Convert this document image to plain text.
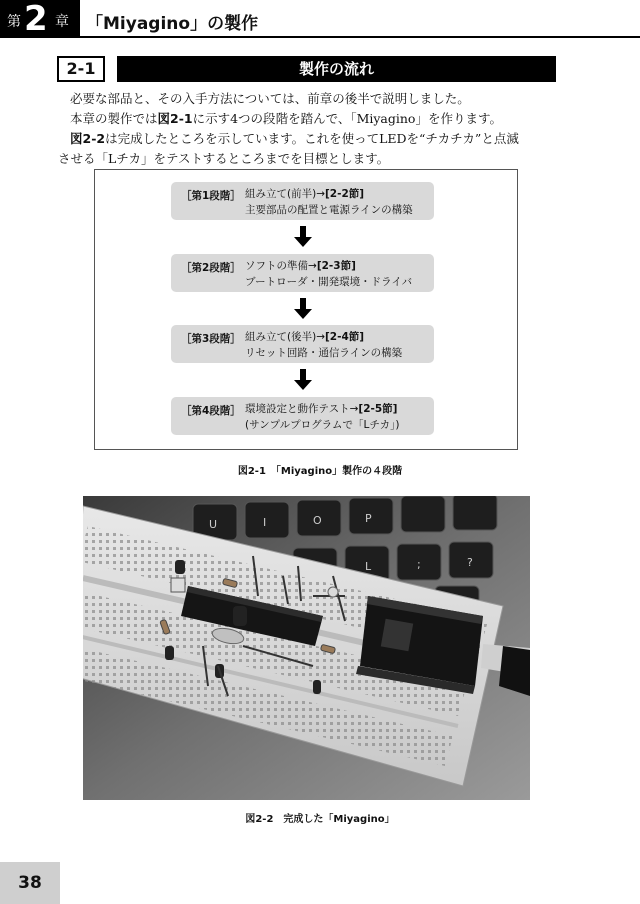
第 2 章 「Miyagino」の製作
2-1	製作の流れ
必要な部品と、その入手方法については、前章の後半で説明しました。
本章の製作では図2-1に示す4つの段階を踏んで、「Miyagino」を作ります。
図2-2は完成したところを示しています。これを使ってLEDを“チカチカ”と点滅
させる「Lチカ」をテストするところまでを目標とします。
［第1段階］ 組み立て(前半)→[2-2節]
主要部品の配置と電源ラインの構築
［第2段階］ ソフトの準備→[2-3節]
ブートローダ・開発環境・ドライバ
［第3段階］ 組み立て(後半)→[2-4節]
リセット回路・通信ラインの構築
［第4段階］ 環境設定と動作テスト→[2-5節]
(サンプルプログラムで「Lチカ」)
図2-1　「Miyagino」製作の４段階
U	I	O	P
L	;	?
図2-2　完成した「Miyagino」
38
